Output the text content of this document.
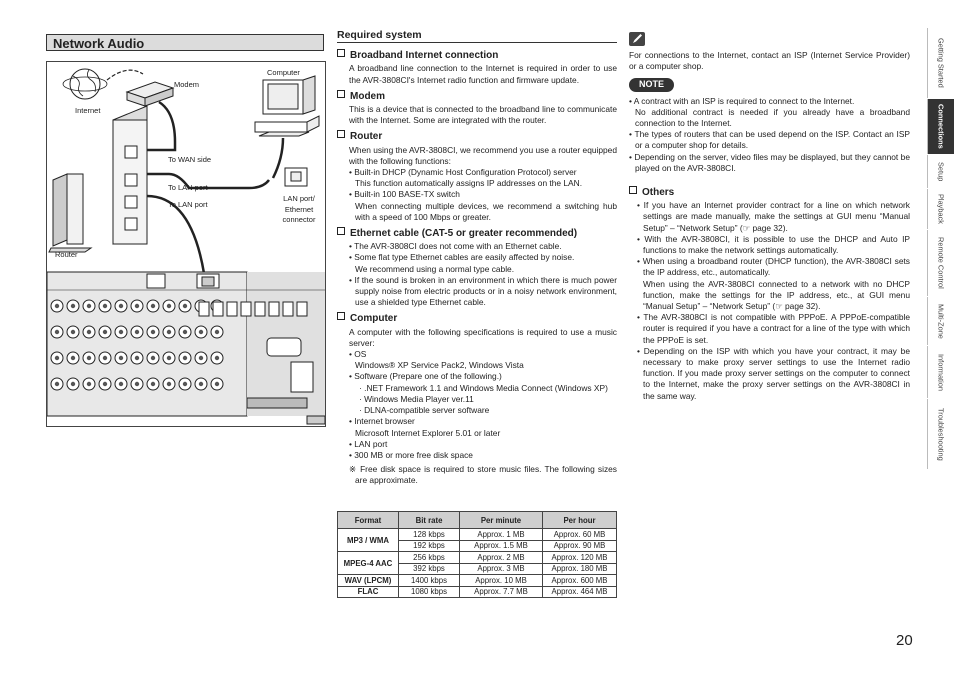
Network Audio
Modem
Computer
Internet
To WAN side
To LAN port
To LAN port
Router
LAN port/
Ethernet
connector
Required system
Broadband Internet connection

A broadband line connection to the Internet is required in order to use the AVR-3808CI's Internet radio function and firmware update.

Modem

This is a device that is connected to the broadband line to communicate with the Internet. Some are integrated with the router.

Router

When using the AVR-3808CI, we recommend you use a router equipped with the following functions:

• Built-in DHCP (Dynamic Host Configuration Protocol) server

This function automatically assigns IP addresses on the LAN.

• Built-in 100 BASE-TX switch

When connecting multiple devices, we recommend a switching hub with a speed of 100 Mbps or greater.

Ethernet cable (CAT-5 or greater recommended)

• The AVR-3808CI does not come with an Ethernet cable.

• Some flat type Ethernet cables are easily affected by noise.

We recommend using a normal type cable.

• If the sound is broken in an environment in which there is much power supply noise from electric products or in a noisy network environment, use a shielded type Ethernet cable.

Computer

A computer with the following specifications is required to use a music server:

• OS

Windows® XP Service Pack2, Windows Vista

• Software (Prepare one of the following.)

· .NET Framework 1.1 and Windows Media Connect (Windows XP)

· Windows Media Player ver.11

· DLNA-compatible server software

• Internet browser

Microsoft Internet Explorer 5.01 or later

• LAN port

• 300 MB or more free disk space

※ Free disk space is required to store music files. The following sizes are approximate.

Format	Bit rate	Per minute	Per hour
MP3 / WMA	128 kbps	Approx. 1 MB	Approx. 60 MB
	192 kbps	Approx. 1.5 MB	Approx. 90 MB
MPEG-4 AAC	256 kbps	Approx. 2 MB	Approx. 120 MB
	392 kbps	Approx. 3 MB	Approx. 180 MB
WAV (LPCM)	1400 kbps	Approx. 10 MB	Approx. 600 MB
FLAC	1080 kbps	Approx. 7.7 MB	Approx. 464 MB

For connections to the Internet, contact an ISP (Internet Service Provider) or a computer shop.

NOTE

• A contract with an ISP is required to connect to the Internet.

No additional contract is needed if you already have a broadband connection to the Internet.

• The types of routers that can be used depend on the ISP. Contact an ISP or a computer shop for details.

• Depending on the server, video files may be displayed, but they cannot be played on the AVR-3808CI.

Others

• If you have an Internet provider contract for a line on which network settings are made manually, make the settings at GUI menu “Manual Setup” – “Network Setup” (☞ page 32).

• With the AVR-3808CI, it is possible to use the DHCP and Auto IP functions to make the network settings automatically.

• When using a broadband router (DHCP function), the AVR-3808CI sets the IP address, etc., automatically.

When using the AVR-3808CI connected to a network with no DHCP function, make the settings for the IP address, etc., at GUI menu “Manual Setup” – “Network Setup” (☞ page 32).

• The AVR-3808CI is not compatible with PPPoE. A PPPoE-compatible router is required if you have a contract for a line of the type with which the PPPoE is set.

• Depending on the ISP with which you have your contract, it may be necessary to make proxy server settings to use the Internet radio function. If you made proxy server settings on the computer to connect to the Internet, make the proxy server settings on the AVR-3808CI in the same way.

Getting Started
Connections
Setup
Playback
Remote Control
Multi-Zone
Information
Troubleshooting
20
